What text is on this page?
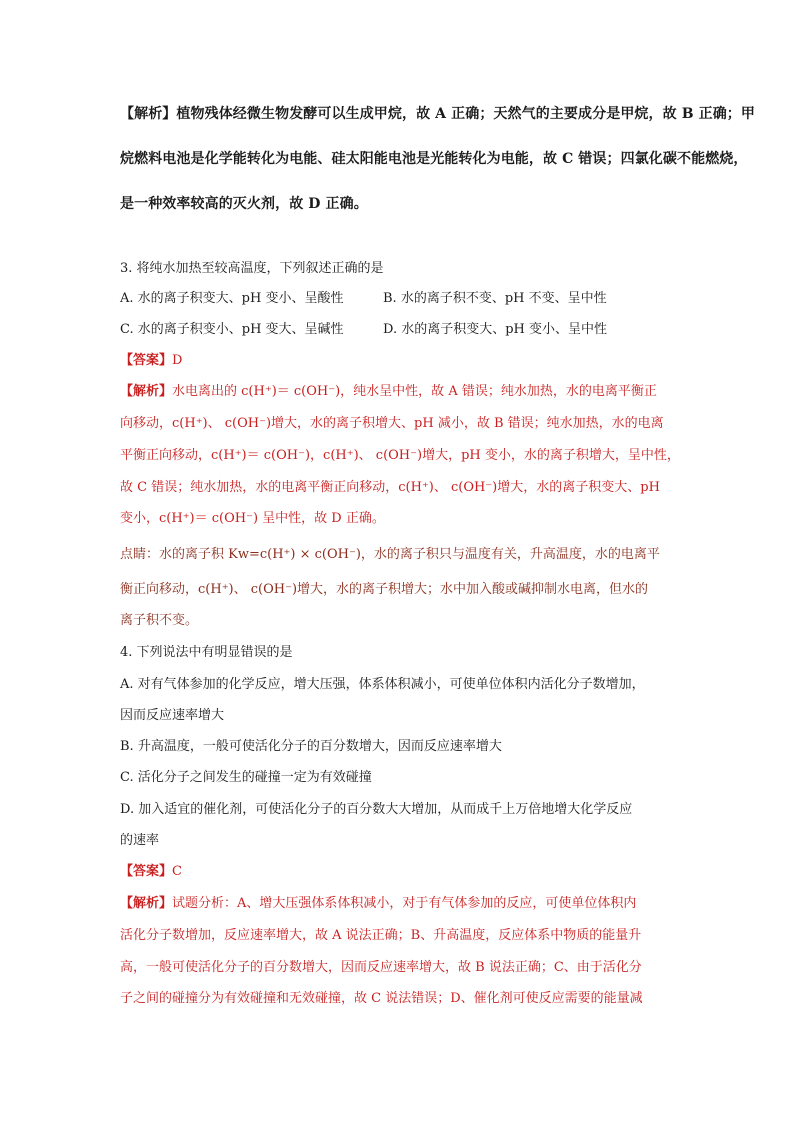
【解析】植物残体经微生物发酵可以生成甲烷，故 A 正确；天然气的主要成分是甲烷，故 B 正确；甲
烷燃料电池是化学能转化为电能、硅太阳能电池是光能转化为电能，故 C 错误；四氯化碳不能燃烧，
是一种效率较高的灭火剂，故 D 正确。
3. 将纯水加热至较高温度，下列叙述正确的是
A. 水的离子积变大、pH 变小、呈酸性	B. 水的离子积不变、pH 不变、呈中性
C. 水的离子积变小、pH 变大、呈碱性	D. 水的离子积变大、pH 变小、呈中性
【答案】D
【解析】水电离出的 c(H⁺)＝ c(OH⁻)，纯水呈中性，故 A 错误；纯水加热，水的电离平衡正
向移动，c(H⁺)、 c(OH⁻)增大，水的离子积增大、pH 减小，故 B 错误；纯水加热，水的电离
平衡正向移动，c(H⁺)＝ c(OH⁻)，c(H⁺)、 c(OH⁻)增大，pH 变小，水的离子积增大，呈中性，
故 C 错误；纯水加热，水的电离平衡正向移动，c(H⁺)、 c(OH⁻)增大，水的离子积变大、pH
变小，c(H⁺)＝ c(OH⁻) 呈中性，故 D 正确。
点睛：水的离子积 Kw=c(H⁺) × c(OH⁻)，水的离子积只与温度有关，升高温度，水的电离平
衡正向移动，c(H⁺)、 c(OH⁻)增大，水的离子积增大；水中加入酸或碱抑制水电离，但水的
离子积不变。
4. 下列说法中有明显错误的是
A. 对有气体参加的化学反应，增大压强，体系体积减小，可使单位体积内活化分子数增加，
因而反应速率增大
B. 升高温度，一般可使活化分子的百分数增大，因而反应速率增大
C. 活化分子之间发生的碰撞一定为有效碰撞
D. 加入适宜的催化剂，可使活化分子的百分数大大增加，从而成千上万倍地增大化学反应
的速率
【答案】C
【解析】试题分析：A、增大压强体系体积减小，对于有气体参加的反应，可使单位体积内
活化分子数增加，反应速率增大，故 A 说法正确；B、升高温度，反应体系中物质的能量升
高，一般可使活化分子的百分数增大，因而反应速率增大，故 B 说法正确；C、由于活化分
子之间的碰撞分为有效碰撞和无效碰撞，故 C 说法错误；D、催化剂可使反应需要的能量减
